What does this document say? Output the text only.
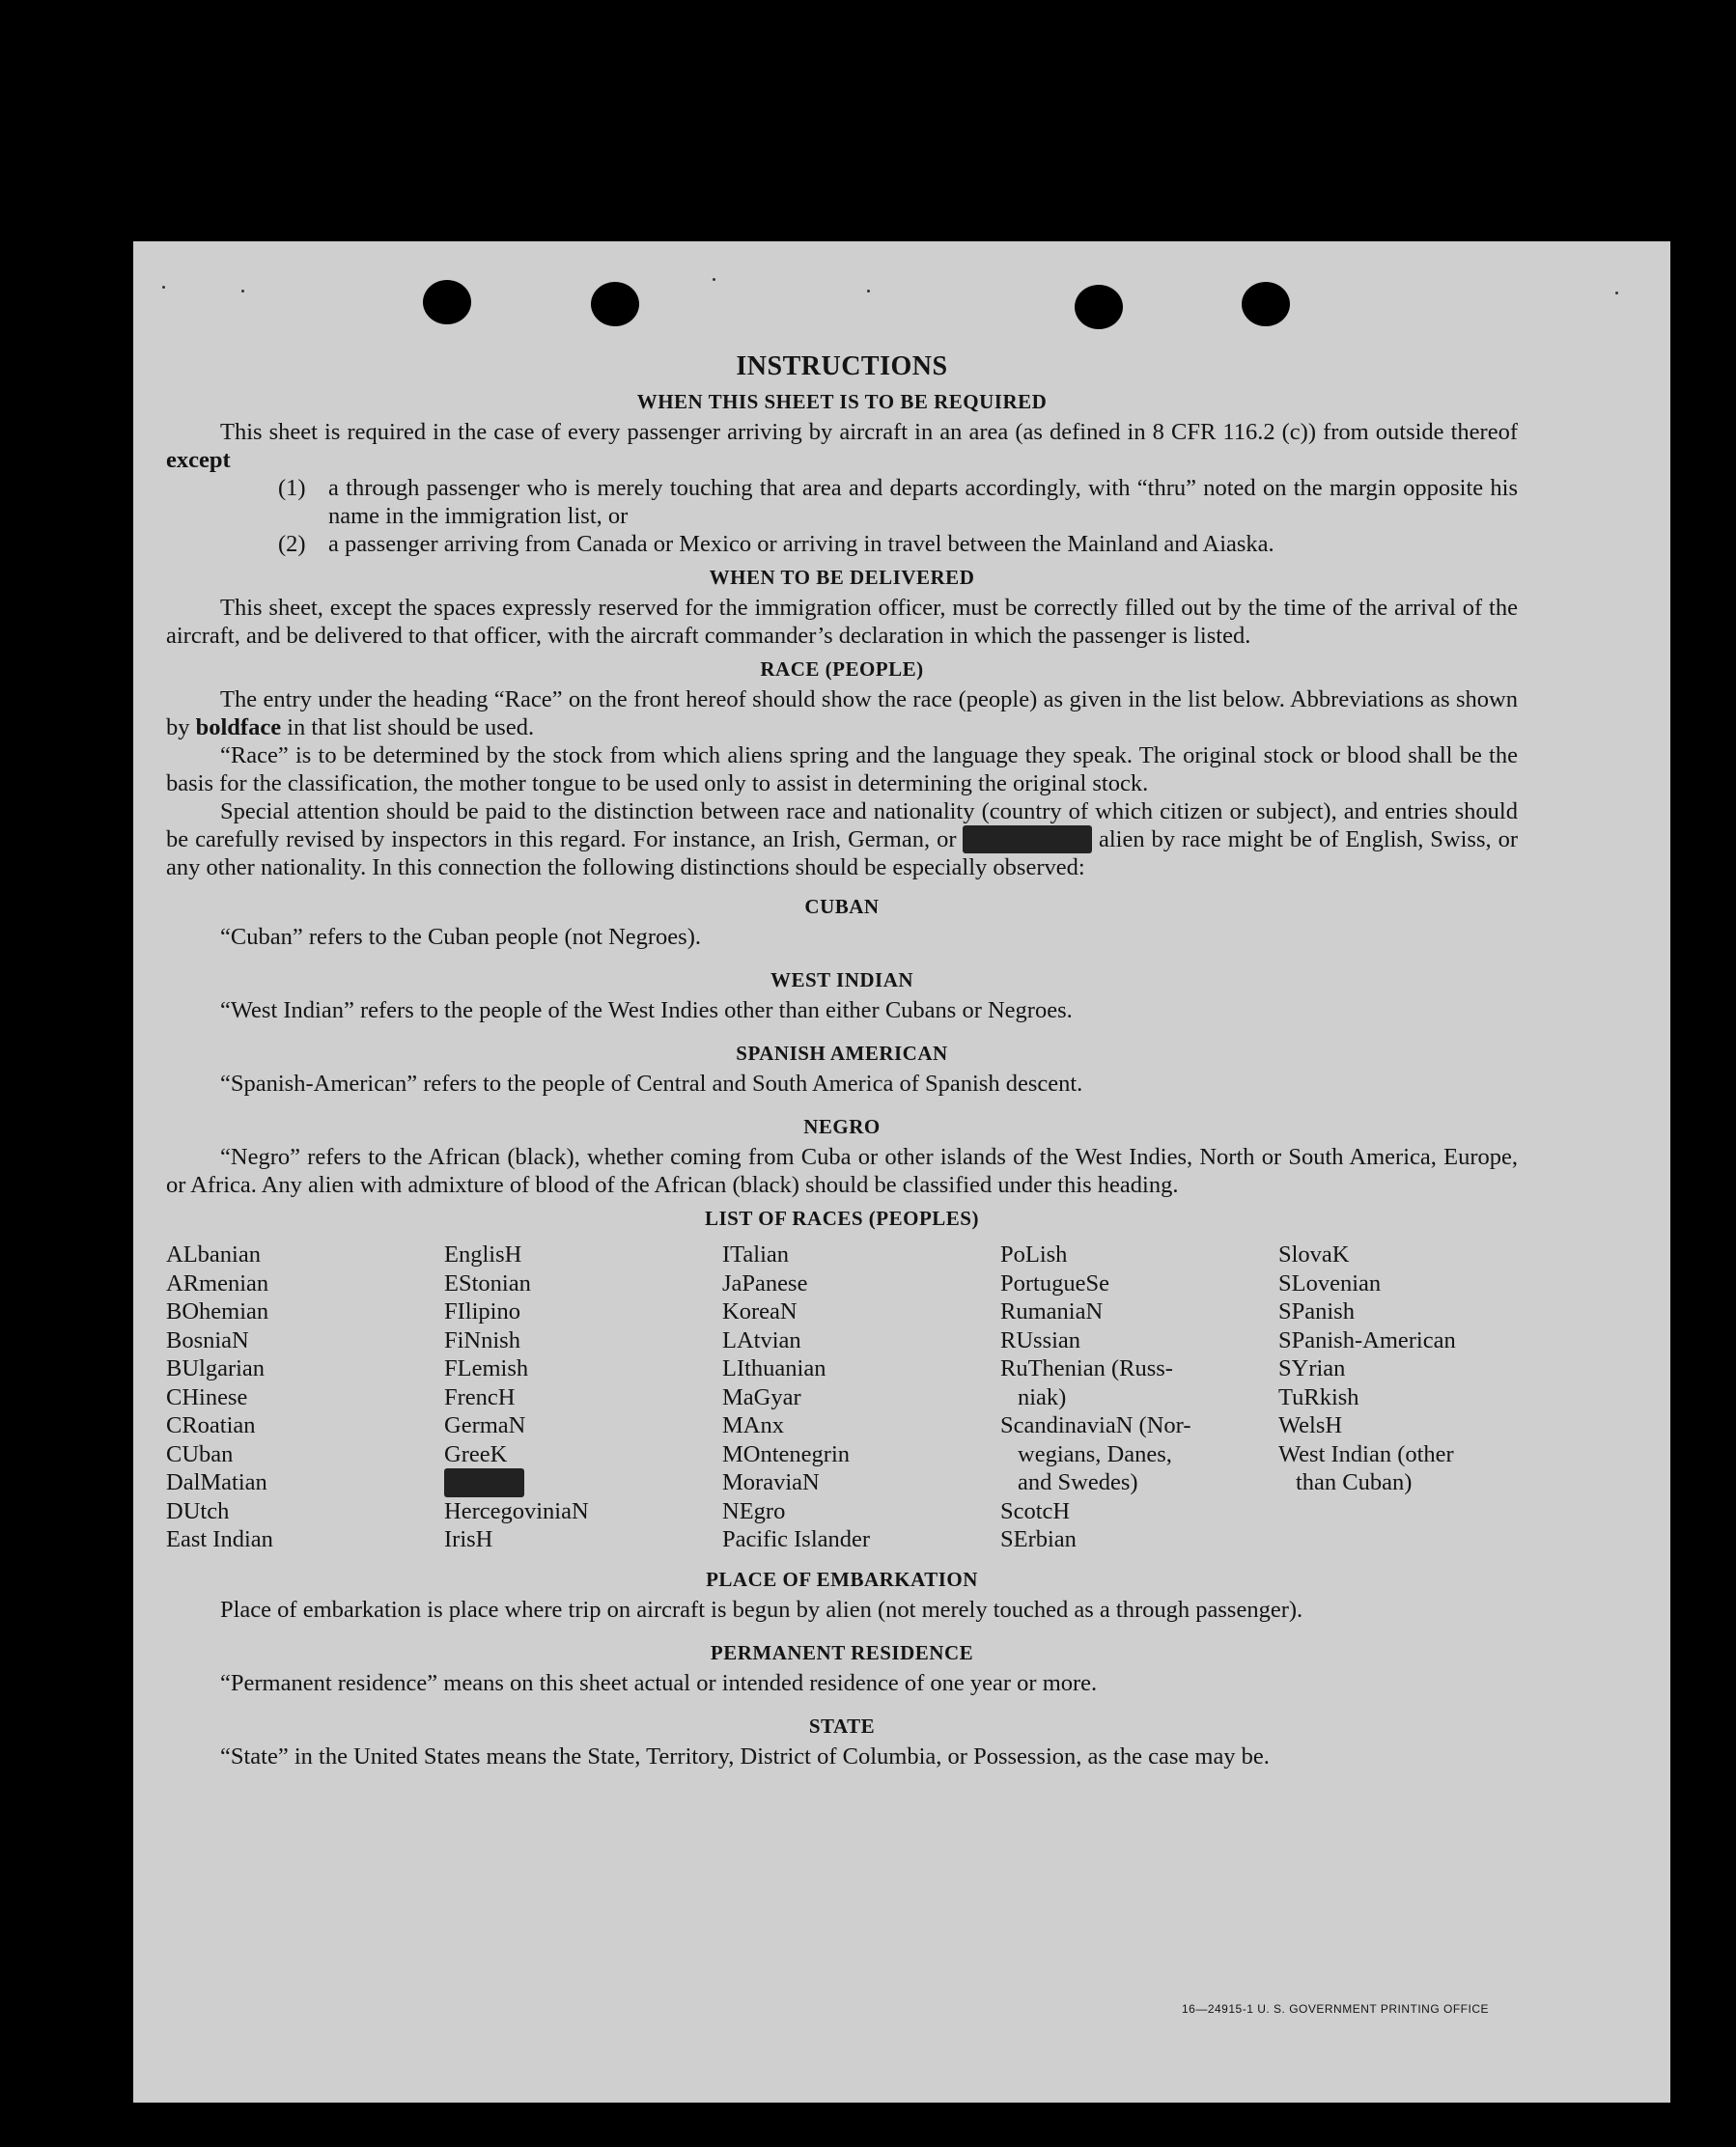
INSTRUCTIONS
WHEN THIS SHEET IS TO BE REQUIRED

This sheet is required in the case of every passenger arriving by aircraft in an area (as defined in 8 CFR 116.2 (c)) from outside thereof except

(1) a through passenger who is merely touching that area and departs accordingly, with “thru” noted on the margin opposite his name in the immigration list, or
(2) a passenger arriving from Canada or Mexico or arriving in travel between the Mainland and Aiaska.
WHEN TO BE DELIVERED

This sheet, except the spaces expressly reserved for the immigration officer, must be correctly filled out by the time of the arrival of the aircraft, and be delivered to that officer, with the aircraft commander’s declaration in which the passenger is listed.

RACE (PEOPLE)

The entry under the heading “Race” on the front hereof should show the race (people) as given in the list below. Abbreviations as shown by boldface in that list should be used.

“Race” is to be determined by the stock from which aliens spring and the language they speak. The original stock or blood shall be the basis for the classification, the mother tongue to be used only to assist in determining the original stock.

Special attention should be paid to the distinction between race and nationality (country of which citizen or subject), and entries should be carefully revised by inspectors in this regard. For instance, an Irish, German, or	Hebrew alien by race might be of English, Swiss, or any other nationality. In this connection the following distinctions should be especially observed:

CUBAN

“Cuban” refers to the Cuban people (not Negroes).

WEST INDIAN

“West Indian” refers to the people of the West Indies other than either Cubans or Negroes.

SPANISH AMERICAN

“Spanish-American” refers to the people of Central and South America of Spanish descent.

NEGRO

“Negro” refers to the African (black), whether coming from Cuba or other islands of the West Indies, North or South America, Europe, or Africa. Any alien with admixture of blood of the African (black) should be classified under this heading.

LIST OF RACES (PEOPLES)
ALbanian
ARmenian
BOhemian
BosniaN
BUlgarian
CHinese
CRoatian
CUban
DalMatian
DUtch
East Indian
EnglisH
EStonian
FIlipino
FiNnish
FLemish
FrencH
GermaN
GreeK
HebreW
HercegoviniaN
IrisH
ITalian
JaPanese
KoreaN
LAtvian
LIthuanian
MaGyar
MAnx
MOntenegrin
MoraviaN
NEgro
Pacific Islander
PoLish
PortugueSe
RumaniaN
RUssian
RuThenian (Russ-
niak)
ScandinaviaN (Nor-
wegians, Danes,
and Swedes)
ScotcH
SErbian
SlovaK
SLovenian
SPanish
SPanish-American
SYrian
TuRkish
WelsH
West Indian (other
than Cuban)
PLACE OF EMBARKATION

Place of embarkation is place where trip on aircraft is begun by alien (not merely touched as a through passenger).

PERMANENT RESIDENCE

“Permanent residence” means on this sheet actual or intended residence of one year or more.

STATE

“State” in the United States means the State, Territory, District of Columbia, or Possession, as the case may be.

16—24915-1 U. S. GOVERNMENT PRINTING OFFICE
